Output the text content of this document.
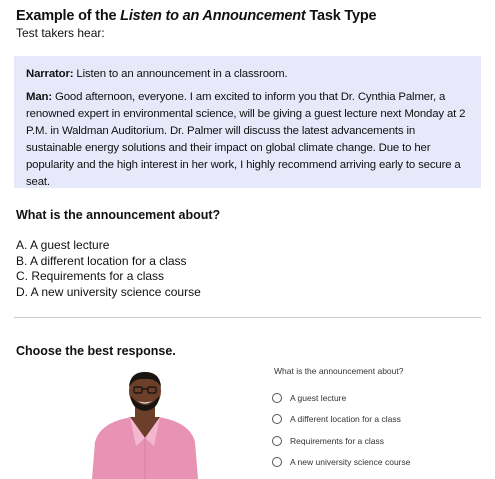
Example of the Listen to an Announcement Task Type
Test takers hear:

Narrator: Listen to an announcement in a classroom.

Man: Good afternoon, everyone. I am excited to inform you that Dr. Cynthia Palmer, a renowned expert in environmental science, will be giving a guest lecture next Monday at 2 P.M. in Waldman Auditorium. Dr. Palmer will discuss the latest advancements in sustainable energy solutions and their impact on global climate change. Due to her popularity and the high interest in her work, I highly recommend arriving early to secure a seat.

What is the announcement about?
A. A guest lecture
B. A different location for a class
C. Requirements for a class
D. A new university science course
Choose the best response.
What is the announcement about?
A guest lecture
A different location for a class
Requirements for a class
A new university science course
